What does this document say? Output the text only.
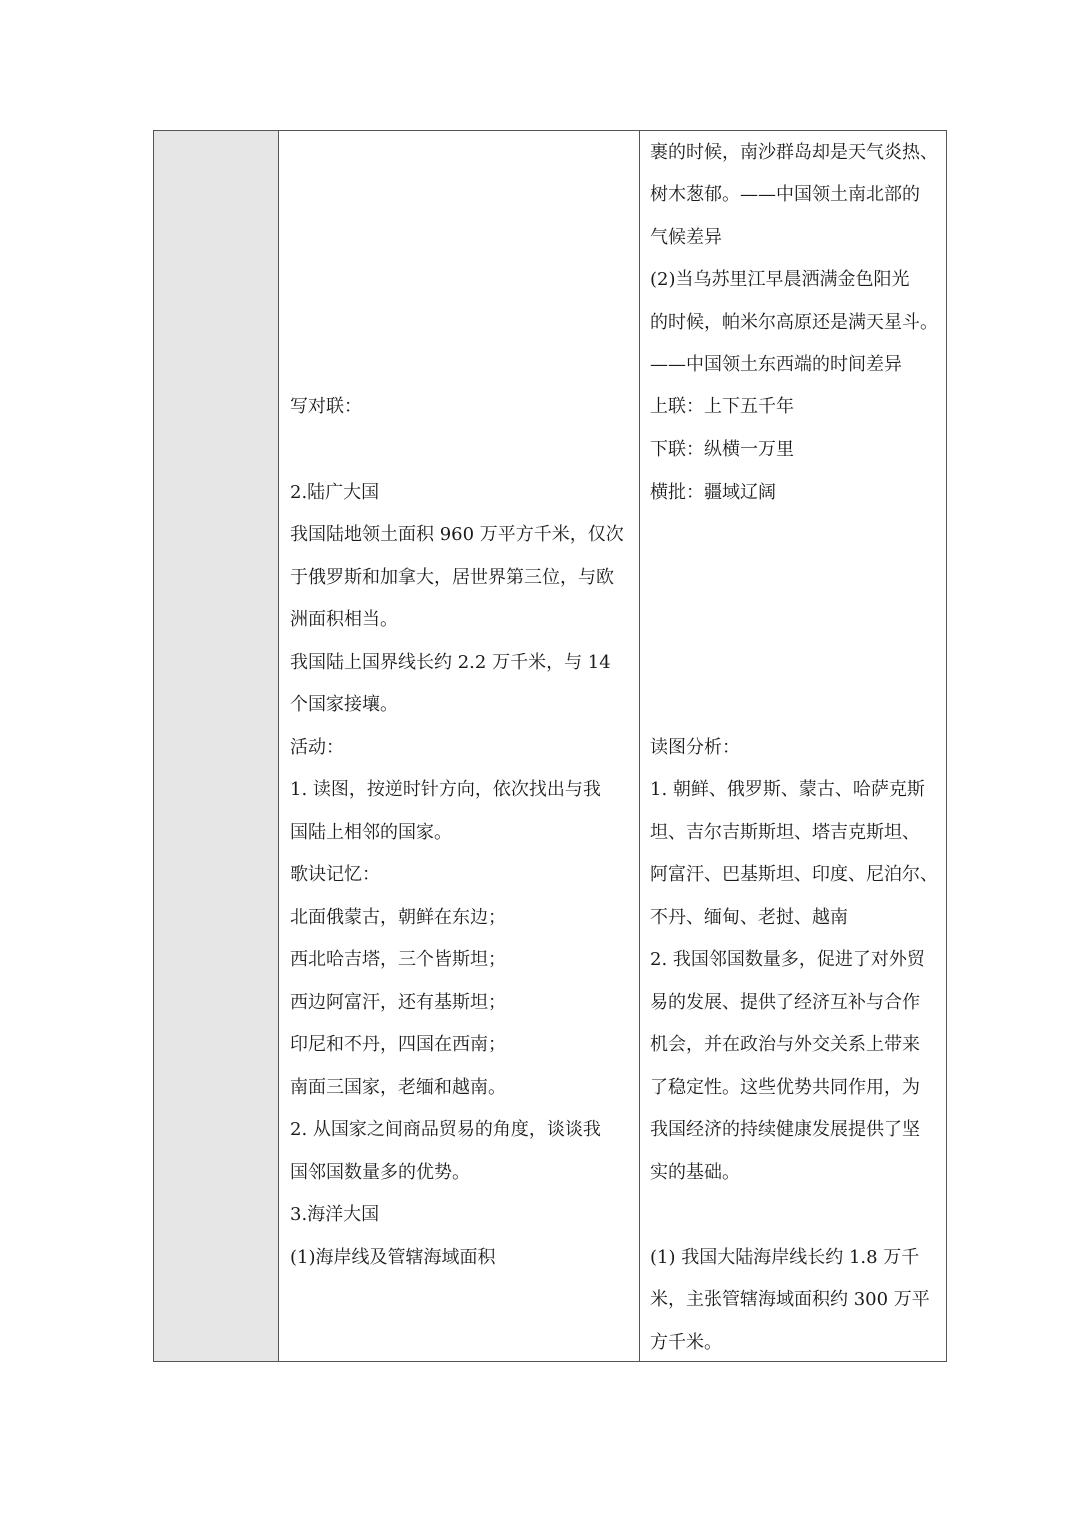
写对联：
2.陆广大国
我国陆地领土面积 960 万平方千米，仅次
于俄罗斯和加拿大，居世界第三位，与欧
洲面积相当。
我国陆上国界线长约 2.2 万千米，与 14
个国家接壤。
活动：
1. 读图，按逆时针方向，依次找出与我
国陆上相邻的国家。
歌诀记忆：
北面俄蒙古，朝鲜在东边；
西北哈吉塔，三个皆斯坦；
西边阿富汗，还有基斯坦；
印尼和不丹，四国在西南；
南面三国家，老缅和越南。
2. 从国家之间商品贸易的角度，谈谈我
国邻国数量多的优势。
3.海洋大国
(1)海岸线及管辖海域面积
裹的时候，南沙群岛却是天气炎热、
树木葱郁。——中国领土南北部的
气候差异
(2)当乌苏里江早晨洒满金色阳光
的时候，帕米尔高原还是满天星斗。
——中国领土东西端的时间差异
上联：上下五千年
下联：纵横一万里
横批：疆域辽阔
读图分析：
1. 朝鲜、俄罗斯、蒙古、哈萨克斯
坦、吉尔吉斯斯坦、塔吉克斯坦、
阿富汗、巴基斯坦、印度、尼泊尔、
不丹、缅甸、老挝、越南
2. 我国邻国数量多，促进了对外贸
易的发展、提供了经济互补与合作
机会，并在政治与外交关系上带来
了稳定性。这些优势共同作用，为
我国经济的持续健康发展提供了坚
实的基础。
(1) 我国大陆海岸线长约 1.8 万千
米，主张管辖海域面积约 300 万平
方千米。
